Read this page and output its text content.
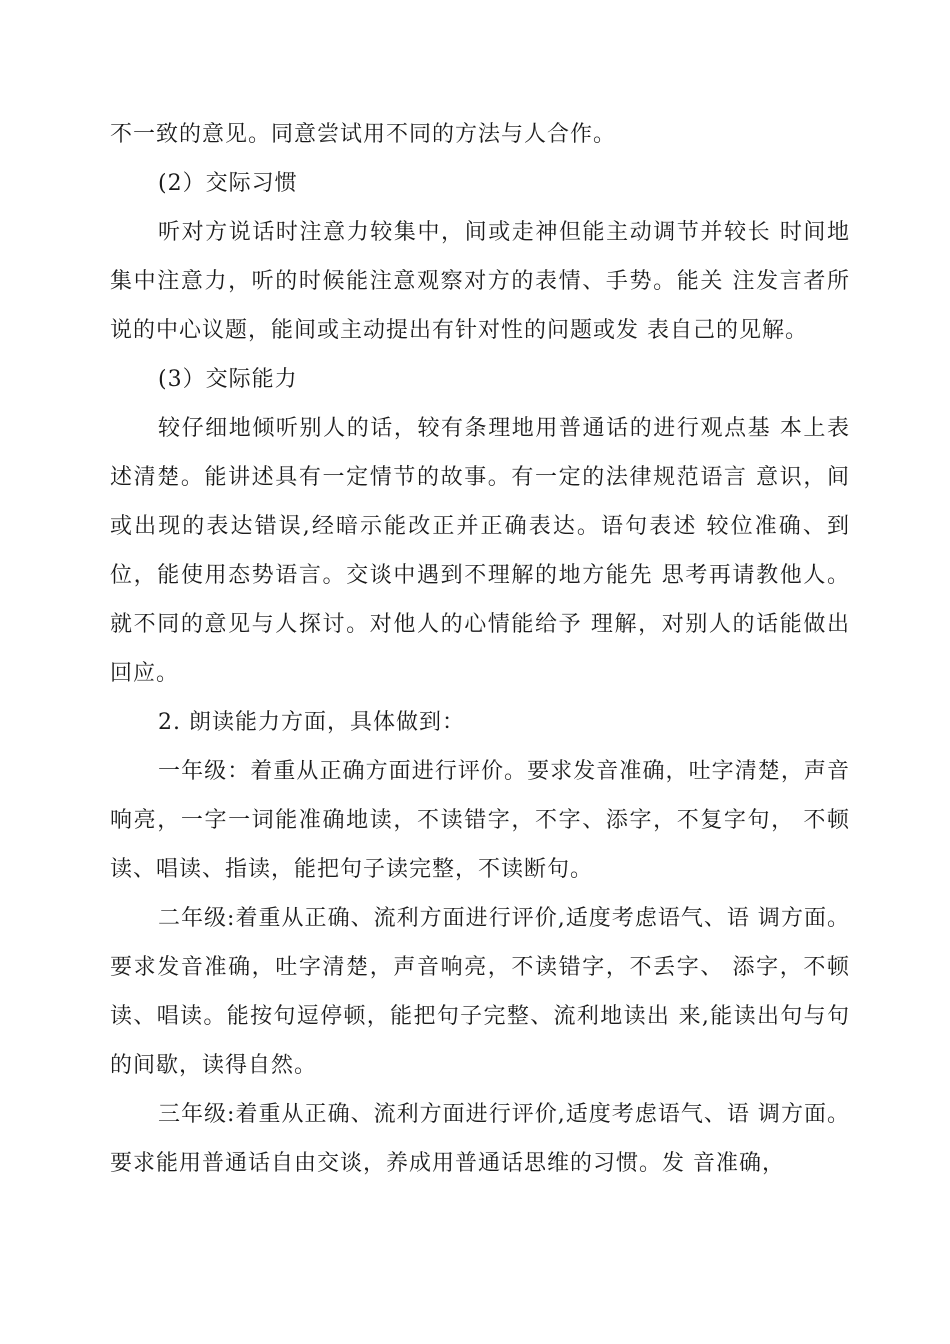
不一致的意见。同意尝试用不同的方法与人合作。

(2）交际习惯

听对方说话时注意力较集中，间或走神但能主动调节并较长 时间地集中注意力，听的时候能注意观察对方的表情、手势。能关 注发言者所说的中心议题，能间或主动提出有针对性的问题或发 表自己的见解。

(3）交际能力

较仔细地倾听别人的话，较有条理地用普通话的进行观点基 本上表述清楚。能讲述具有一定情节的故事。有一定的法律规范语言 意识，间或出现的表达错误,经暗示能改正并正确表达。语句表述 较位准确、到位，能使用态势语言。交谈中遇到不理解的地方能先 思考再请教他人。就不同的意见与人探讨。对他人的心情能给予 理解，对别人的话能做出回应。

2. 朗读能力方面，具体做到：

一年级：着重从正确方面进行评价。要求发音准确，吐字清楚，声音响亮，一字一词能准确地读，不读错字，不字、添字，不复字句， 不顿读、唱读、指读，能把句子读完整，不读断句。

二年级:着重从正确、流利方面进行评价,适度考虑语气、语 调方面。要求发音准确，吐字清楚，声音响亮，不读错字，不丢字、 添字，不顿读、唱读。能按句逗停顿，能把句子完整、流利地读出 来,能读出句与句的间歇，读得自然。

三年级:着重从正确、流利方面进行评价,适度考虑语气、语 调方面。要求能用普通话自由交谈，养成用普通话思维的习惯。发 音准确，
